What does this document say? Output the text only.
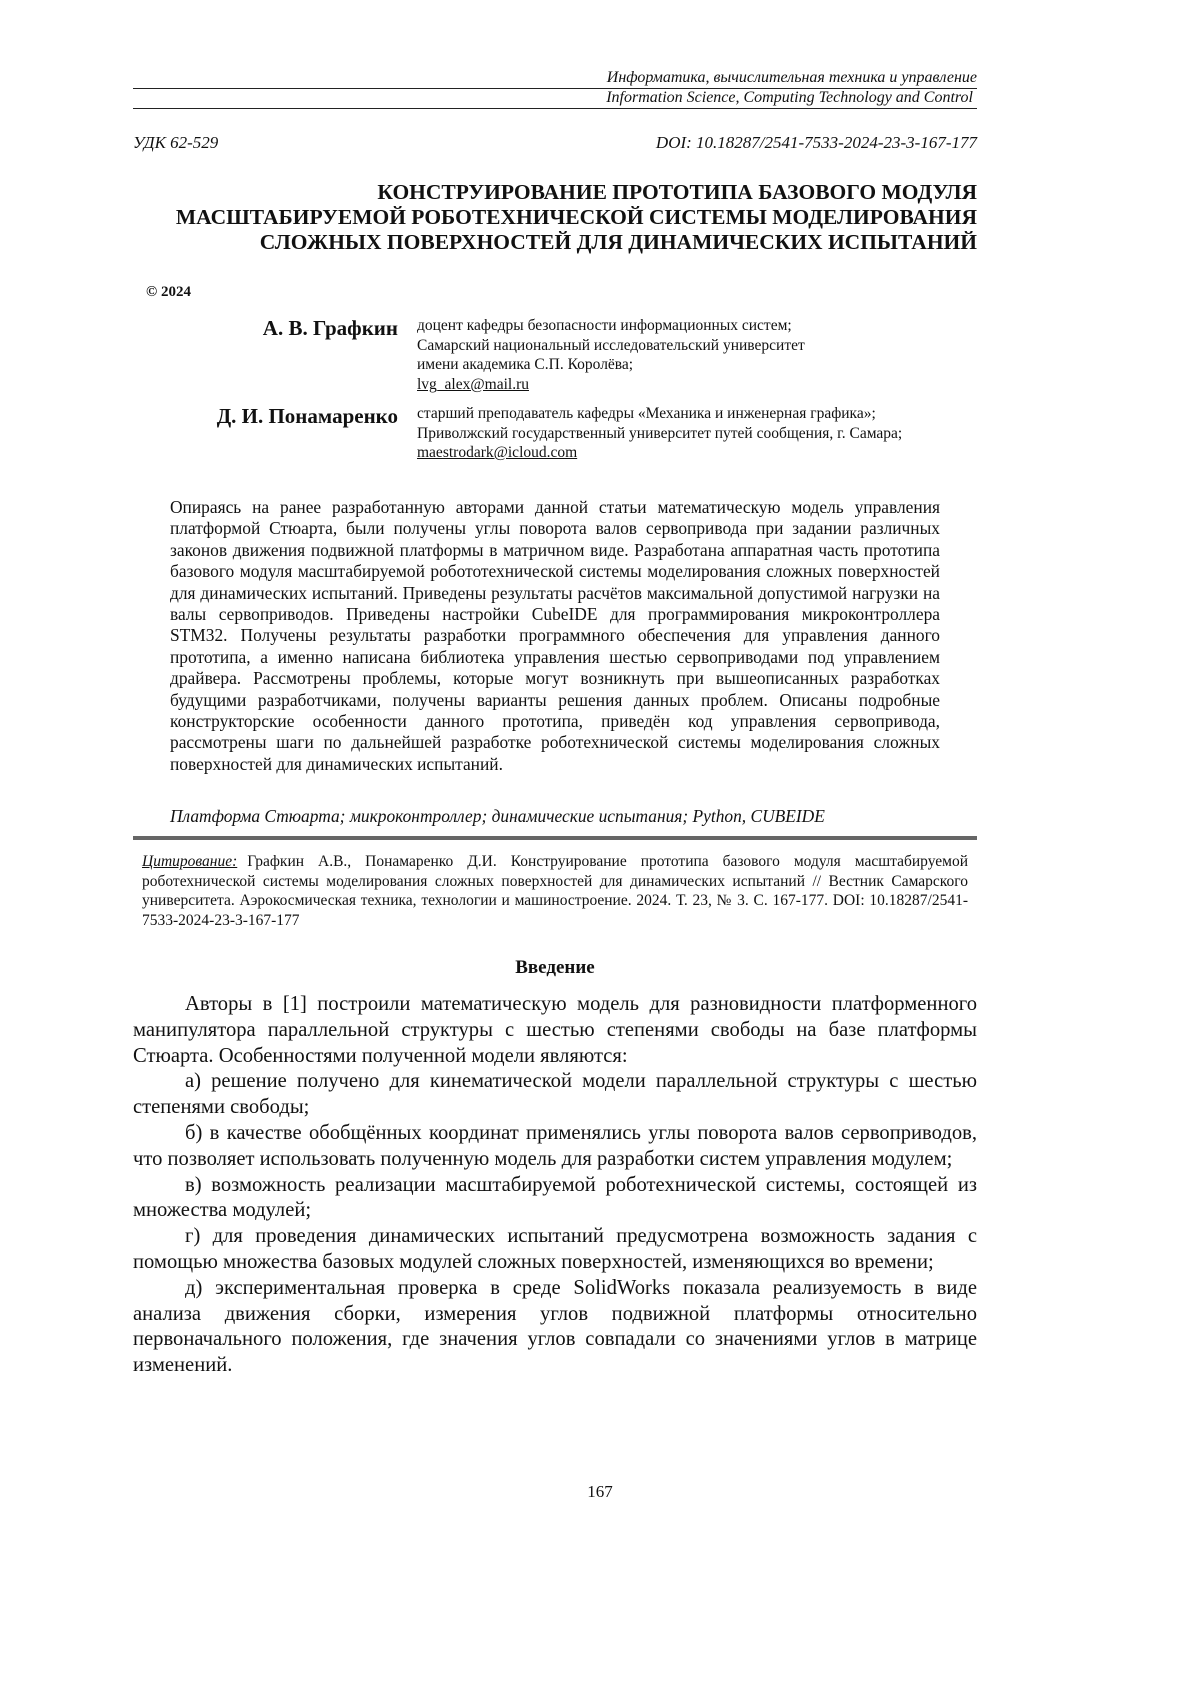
Информатика, вычислительная техника и управление
Information Science, Computing Technology and Control
УДК 62-529	DOI: 10.18287/2541-7533-2024-23-3-167-177
КОНСТРУИРОВАНИЕ ПРОТОТИПА БАЗОВОГО МОДУЛЯ
МАСШТАБИРУЕМОЙ РОБОТЕХНИЧЕСКОЙ СИСТЕМЫ МОДЕЛИРОВАНИЯ
СЛОЖНЫХ ПОВЕРХНОСТЕЙ ДЛЯ ДИНАМИЧЕСКИХ ИСПЫТАНИЙ
© 2024
А. В. Графкин доцент кафедры безопасности информационных систем;
Самарский национальный исследовательский университет
имени академика С.П. Королёва;
lvg_alex@mail.ru
Д. И. Понамаренко старший преподаватель кафедры «Механика и инженерная графика»;
Приволжский государственный университет путей сообщения, г. Самара;
maestrodark@icloud.com
Опираясь на ранее разработанную авторами данной статьи математическую модель управления платформой Стюарта, были получены углы поворота валов сервопривода при задании различных законов движения подвижной платформы в матричном виде. Разработана аппаратная часть прототипа базового модуля масштабируемой робототехнической системы моделирования сложных поверхностей для динамических испытаний. Приведены результаты расчётов максимальной допустимой нагрузки на валы сервоприводов. Приведены настройки CubeIDE для программирования микроконтроллера STM32. Получены результаты разработки программного обеспечения для управления данного прототипа, а именно написана библиотека управления шестью сервоприводами под управлением драйвера. Рассмотрены проблемы, которые могут возникнуть при вышеописанных разработках будущими разработчиками, получены варианты решения данных проблем. Описаны подробные конструкторские особенности данного прототипа, приведён код управления сервопривода, рассмотрены шаги по дальнейшей разработке роботехнической системы моделирования сложных поверхностей для динамических испытаний.
Платформа Стюарта; микроконтроллер; динамические испытания; Python, CUBEIDE
Цитирование: Графкин А.В., Понамаренко Д.И. Конструирование прототипа базового модуля масштабируемой роботехнической системы моделирования сложных поверхностей для динамических испытаний // Вестник Самарского университета. Аэрокосмическая техника, технологии и машиностроение. 2024. Т. 23, № 3. С. 167-177. DOI: 10.18287/2541-7533-2024-23-3-167-177
Введение

Авторы в [1] построили математическую модель для разновидности платформенного манипулятора параллельной структуры с шестью степенями свободы на базе платформы Стюарта. Особенностями полученной модели являются:

а) решение получено для кинематической модели параллельной структуры с шестью степенями свободы;

б) в качестве обобщённых координат применялись углы поворота валов сервоприводов, что позволяет использовать полученную модель для разработки систем управления модулем;

в) возможность реализации масштабируемой роботехнической системы, состоящей из множества модулей;

г) для проведения динамических испытаний предусмотрена возможность задания с помощью множества базовых модулей сложных поверхностей, изменяющихся во времени;

д) экспериментальная проверка в среде SolidWorks показала реализуемость в виде анализа движения сборки, измерения углов подвижной платформы относительно первоначального положения, где значения углов совпадали со значениями углов в матрице изменений.

167
